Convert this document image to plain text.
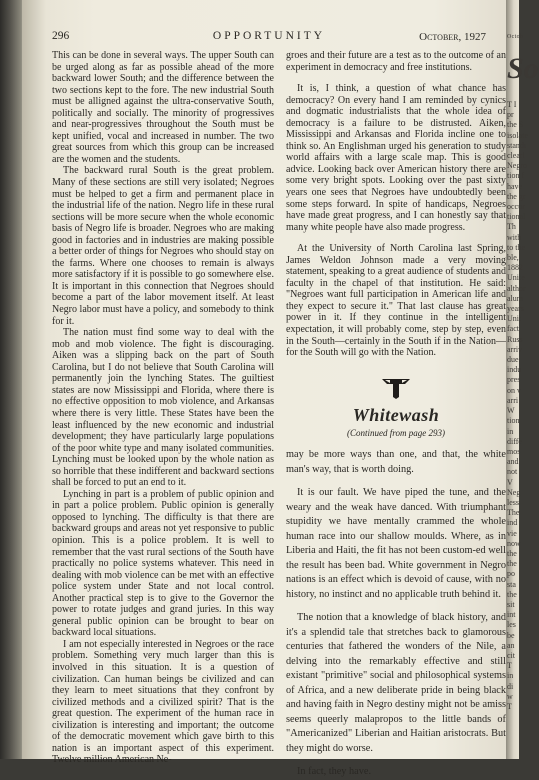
296	OPPORTUNITY	October, 1927

This can be done in several ways. The upper South can be urged along as far as possible ahead of the more backward lower South; and the difference between the two sections kept to the fore. The new industrial South must be alligned against the ultra-conservative South, politically and socially. The minority of progressives and near-progressives throughout the South must be kept unified, vocal and increased in number. The two great sources from which this group can be increased are the women and the students.

The backward rural South is the great problem. Many of these sections are still very isolated; Negroes must be helped to get a firm and permanent place in the industrial life of the nation. Negro life in these rural sections will be more secure when the whole economic basis of Negro life is broader. Negroes who are making good in factories and in industries are making possible a better order of things for Negroes who should stay on the farms. Where one chooses to remain is always more satisfactory if it is possible to go somewhere else. It is important in this connection that Negroes should become a part of the labor movement itself. At least Negro labor must have a policy, and somebody to think for it.

The nation must find some way to deal with the mob and mob violence. The fight is discouraging. Aiken was a slipping back on the part of South Carolina, but I do not believe that South Carolina will permanently join the lynching States. The guiltiest states are now Mississippi and Florida, where there is no effective opposition to mob violence, and Arkansas where there is very little. These States have been the least influenced by the new economic and industrial development; they have particularly large populations of the poor white type and many isolated communities. Lynching must be looked upon by the whole nation as so horrible that these indifferent and backward sections shall be forced to put an end to it.

Lynching in part is a problem of public opinion and in part a police problem. Public opinion is generally opposed to lynching. The difficulty is that there are backward groups and areas not yet responsive to public opinion. This is a police problem. It is well to remember that the vast rural sections of the South have practically no police systems whatever. This need in dealing with mob violence can be met with an effective police system under State and not local control. Another practical step is to give to the Governor the power to rotate judges and grand juries. In this way general public opinion can be brought to bear on backward local situations.

I am not especially interested in Negroes or the race problem. Something very much larger than this is involved in this situation. It is a question of civilization. Can human beings be civilized and can they learn to meet situations that they confront by civilized methods and a civilized spirit? That is the great question. The experiment of the human race in civilization is interesting and important; the outcome of the democratic movement which gave birth to this nation is an important aspect of this experiment. Twelve million American Ne-

groes and their future are a test as to the outcome of an experiment in democracy and free institutions.

It is, I think, a question of what chance has democracy? On every hand I am reminded by cynics and dogmatic industrialists that the whole idea of democracy is a failure to be distrusted. Aiken, Mississippi and Arkansas and Florida incline one to think so. An Englishman urged his generation to study world affairs with a large scale map. This is good advice. Looking back over American history there are some very bright spots. Looking over the past sixty years one sees that Negroes have undoubtedly been some steps forward. In spite of handicaps, Negroes have made great progress, and I can honestly say that many white people have also made progress.

At the University of North Carolina last Spring, James Weldon Johnson made a very moving statement, speaking to a great audience of students and faculty in the chapel of that institution. He said: "Negroes want full participation in American life and they expect to secure it." That last clause has great power in it. If they continue in the intelligent expectation, it will probably come, step by step, even in the South—certainly in the South if in the Nation—for the South will go with the Nation.

Whitewash
(Continued from page 293)

may be more ways than one, and that, the white man's way, that is worth doing.

It is our fault. We have piped the tune, and the weary and the weak have danced. With triumphant stupidity we have mentally crammed the whole human race into our shallow moulds. Where, as in Liberia and Haiti, the fit has not been custom-ed well the result has been bad. White government in Negro nations is an effect which is devoid of cause, with no history, no instinct and no applicable truth behind it.

The notion that a knowledge of black history, and it's a splendid tale that stretches back to glamorous centuries that fathered the wonders of the Nile, a delving into the remarkably effective and still existant "primitive" social and philosophical systems of Africa, and a new deliberate pride in being black and having faith in Negro destiny might not be amiss seems queerly malapropos to the little bands of "Americanized" Liberian and Haitian aristocrats. But they might do worse.

In fact, they have.

Octob
So
T I
pr
the S
isolate
standi
clearl
Negro
tion f
have
the gr
occur
tional
Th
with
to the
ble,
1882
Unite
althor
alum
years
Unit
fact
Russ
arriv
due
indu
pres
on v
arri
W
tion
in
diffe
mos
and
not
V
Neg
less
The
ind
vie
now
the
the
po
sta
the
sit
int
les
be
an
cit
T
in
di
w
T
